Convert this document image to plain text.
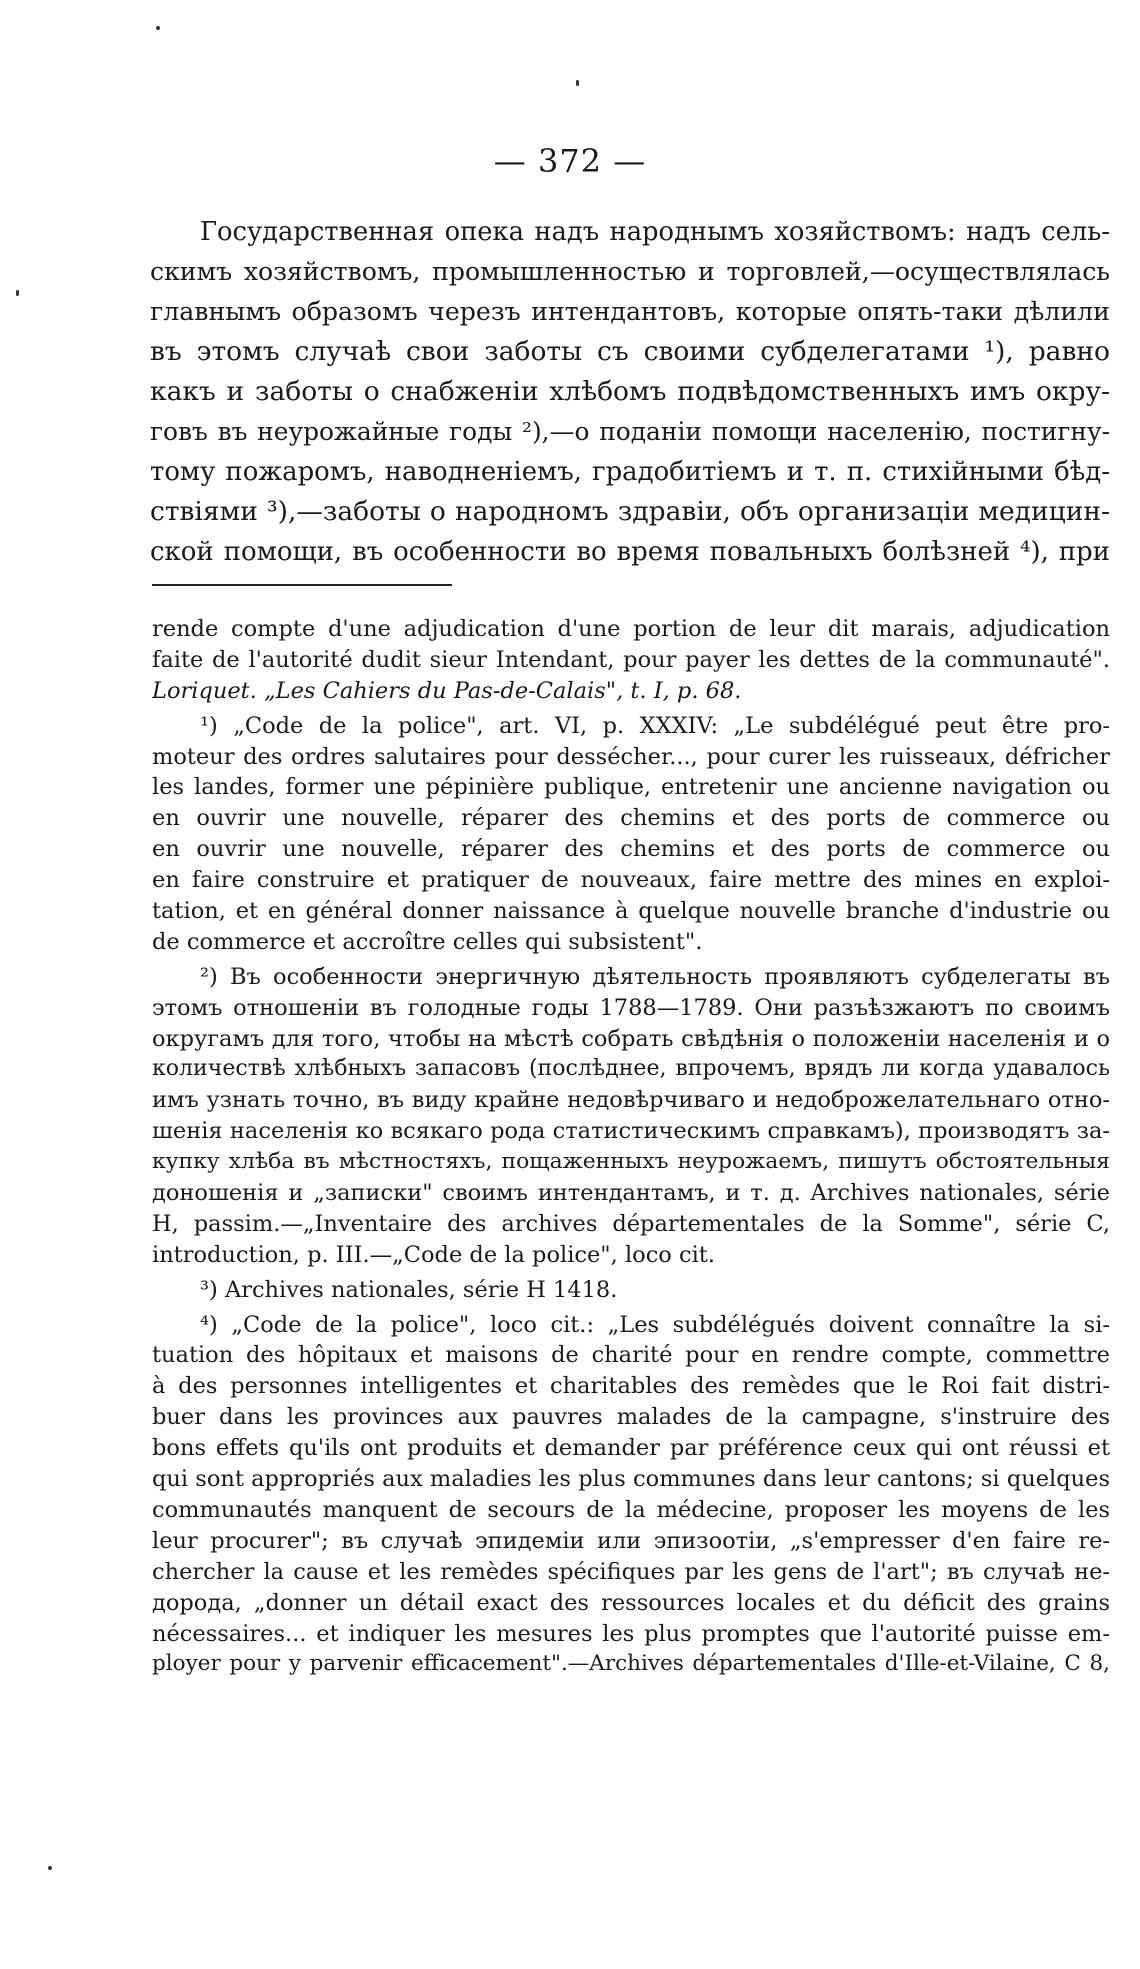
— 372 —
Государственная опека надъ народнымъ хозяйствомъ: надъ сель-
скимъ хозяйствомъ, промышленностью и торговлей,—осуществлялась
главнымъ образомъ черезъ интендантовъ, которые опять-таки дѣлили
въ этомъ случаѣ свои заботы съ своими субделегатами ¹), равно
какъ и заботы о снабженіи хлѣбомъ подвѣдомственныхъ имъ окру-
говъ въ неурожайные годы ²),—о поданіи помощи населенію, постигну-
тому пожаромъ, наводненіемъ, градобитіемъ и т. п. стихійными бѣд-
ствіями ³),—заботы о народномъ здравіи, объ организаціи медицин-
ской помощи, въ особенности во время повальныхъ болѣзней ⁴), при
rende compte d'une adjudication d'une portion de leur dit marais, adjudication
faite de l'autorité dudit sieur Intendant, pour payer les dettes de la communauté".
Loriquet. „Les Cahiers du Pas-de-Calais", t. I, p. 68.
¹) „Code de la police", art. VI, p. XXXIV: „Le subdélégué peut être pro-
moteur des ordres salutaires pour dessécher..., pour curer les ruisseaux, défricher
les landes, former une pépinière publique, entretenir une ancienne navigation ou
en ouvrir une nouvelle, réparer des chemins et des ports de commerce ou
en ouvrir une nouvelle, réparer des chemins et des ports de commerce ou
en faire construire et pratiquer de nouveaux, faire mettre des mines en exploi-
tation, et en général donner naissance à quelque nouvelle branche d'industrie ou
de commerce et accroître celles qui subsistent".
²) Въ особенности энергичную дѣятельность проявляютъ субделегаты въ
этомъ отношеніи въ голодные годы 1788—1789. Они разъѣзжаютъ по своимъ
округамъ для того, чтобы на мѣстѣ собрать свѣдѣнія о положеніи населенія и о
количествѣ хлѣбныхъ запасовъ (послѣднее, впрочемъ, врядъ ли когда удавалось
имъ узнать точно, въ виду крайне недовѣрчиваго и недоброжелательнаго отно-
шенія населенія ко всякаго рода статистическимъ справкамъ), производятъ за-
купку хлѣба въ мѣстностяхъ, пощаженныхъ неурожаемъ, пишутъ обстоятельныя
доношенія и „записки" своимъ интендантамъ, и т. д. Archives nationales, série
H, passim.—„Inventaire des archives départementales de la Somme", série C,
introduction, p. III.—„Code de la police", loco cit.
³) Archives nationales, série H 1418.
⁴) „Code de la police", loco cit.: „Les subdélégués doivent connaître la si-
tuation des hôpitaux et maisons de charité pour en rendre compte, commettre
à des personnes intelligentes et charitables des remèdes que le Roi fait distri-
buer dans les provinces aux pauvres malades de la campagne, s'instruire des
bons effets qu'ils ont produits et demander par préférence ceux qui ont réussi et
qui sont appropriés aux maladies les plus communes dans leur cantons; si quelques
communautés manquent de secours de la médecine, proposer les moyens de les
leur procurer"; въ случаѣ эпидеміи или эпизоотіи, „s'empresser d'en faire re-
chercher la cause et les remèdes spécifiques par les gens de l'art"; въ случаѣ не-
дорода, „donner un détail exact des ressources locales et du déficit des grains
nécessaires... et indiquer les mesures les plus promptes que l'autorité puisse em-
ployer pour y parvenir efficacement".—Archives départementales d'Ille-et-Vilaine, C 8,
